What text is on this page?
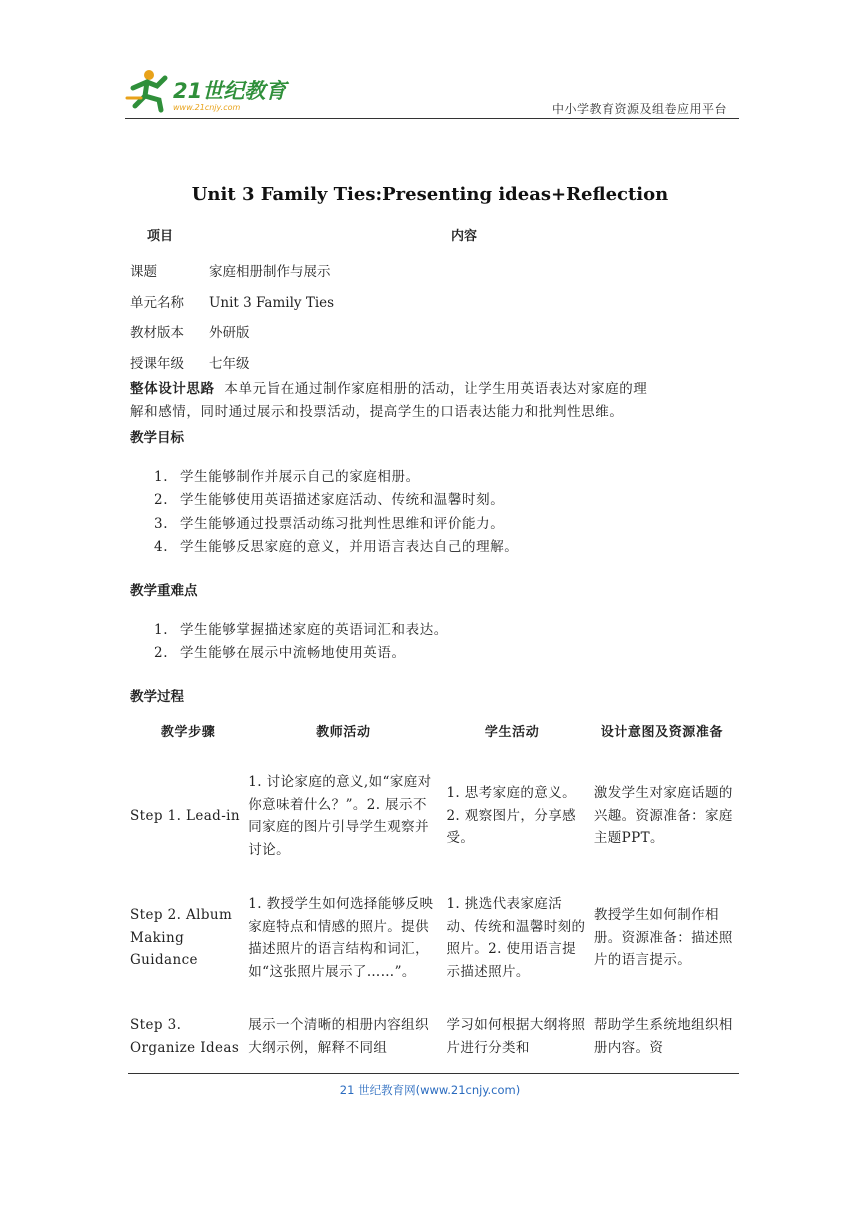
21世纪教育
www.21cnjy.com	中小学教育资源及组卷应用平台
Unit 3 Family Ties:Presenting ideas+Reflection
项目	内容
课题	家庭相册制作与展示
单元名称 Unit 3 Family Ties
教材版本 外研版
授课年级 七年级
整体设计思路 本单元旨在通过制作家庭相册的活动，让学生用英语表达对家庭的理
解和感情，同时通过展示和投票活动，提高学生的口语表达能力和批判性思维。
教学目标
1. 学生能够制作并展示自己的家庭相册。
2. 学生能够使用英语描述家庭活动、传统和温馨时刻。
3. 学生能够通过投票活动练习批判性思维和评价能力。
4. 学生能够反思家庭的意义，并用语言表达自己的理解。
教学重难点
1. 学生能够掌握描述家庭的英语词汇和表达。
2. 学生能够在展示中流畅地使用英语。
教学过程
教学步骤	教师活动	学生活动	设计意图及资源准备
Step 1. Lead-in	1. 讨论家庭的意义,如“家庭对你意味着什么？”。2. 展示不同家庭的图片引导学生观察并讨论。	1. 思考家庭的意义。2. 观察图片，分享感受。	激发学生对家庭话题的兴趣。资源准备：家庭主题PPT。
Step 2. Album Making Guidance	1. 教授学生如何选择能够反映家庭特点和情感的照片。提供描述照片的语言结构和词汇，如“这张照片展示了……”。	1. 挑选代表家庭活动、传统和温馨时刻的照片。2. 使用语言提示描述照片。	教授学生如何制作相册。资源准备：描述照片的语言提示。
Step 3. Organize Ideas	展示一个清晰的相册内容组织大纲示例，解释不同组	学习如何根据大纲将照片进行分类和	帮助学生系统地组织相册内容。资
21 世纪教育网(www.21cnjy.com)
